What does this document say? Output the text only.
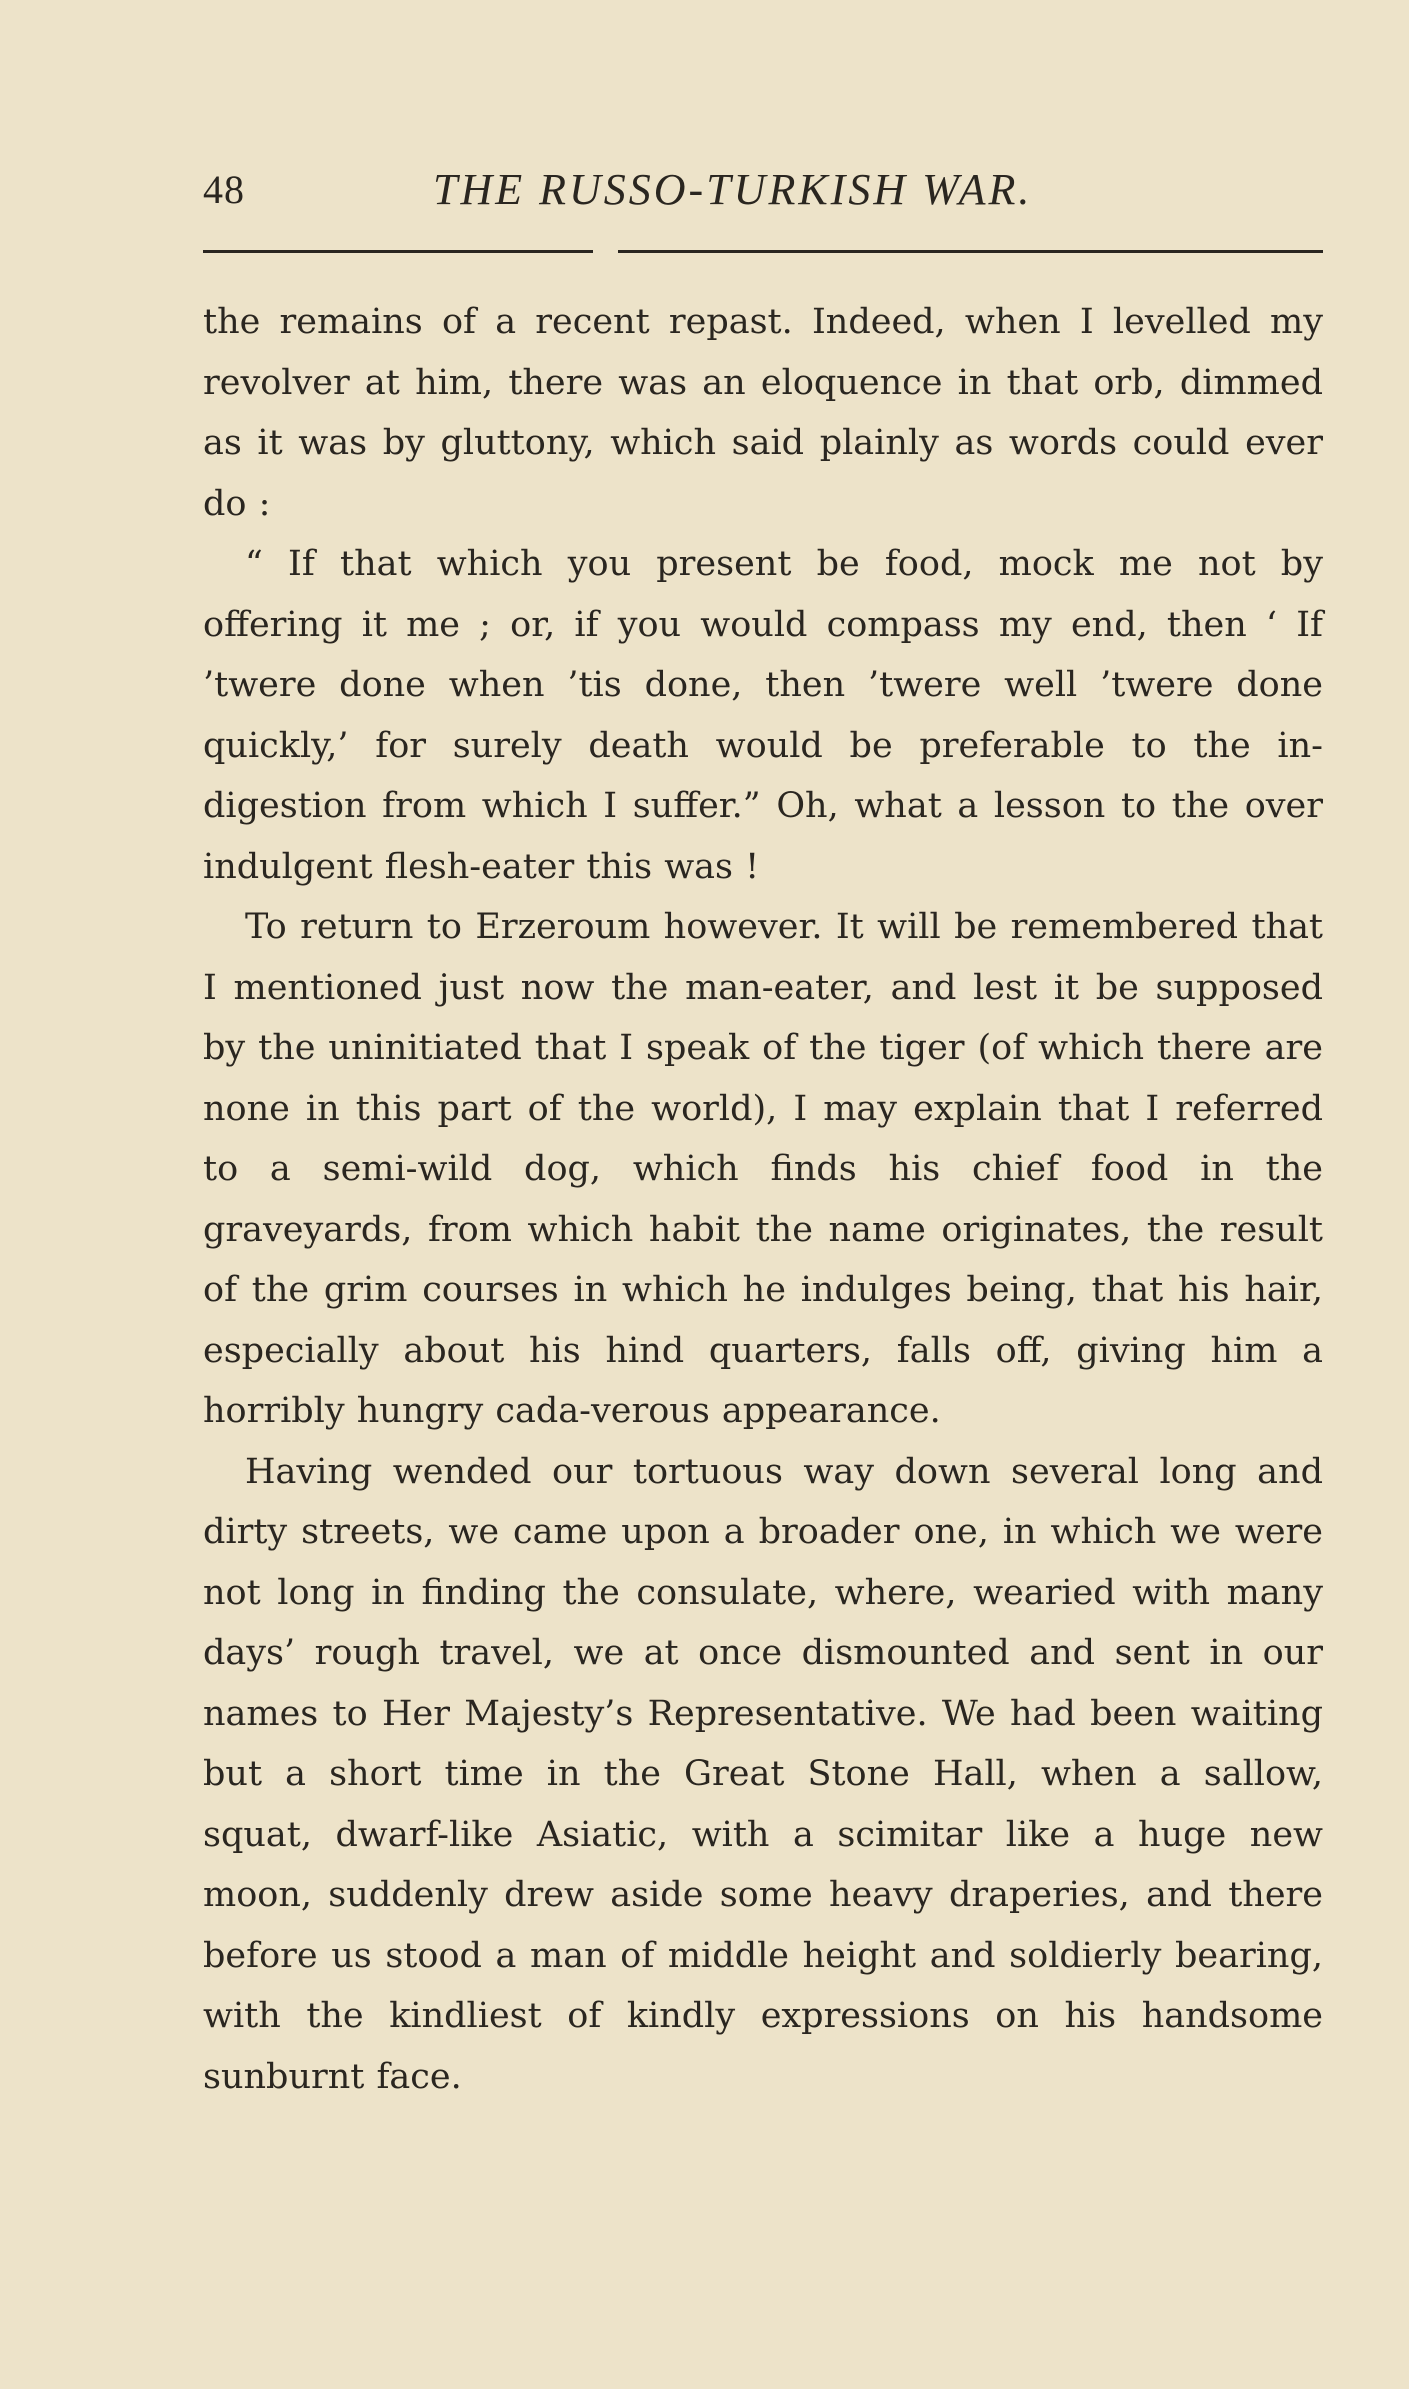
48	THE RUSSO-TURKISH WAR.

the remains of a recent repast. Indeed, when I levelled my revolver at him, there was an eloquence in that orb, dimmed as it was by gluttony, which said plainly as words could ever do :

“ If that which you present be food, mock me not by offering it me ; or, if you would compass my end, then ‘ If ’twere done when ’tis done, then ’twere well ’twere done quickly,’ for surely death would be preferable to the in-digestion from which I suffer.” Oh, what a lesson to the over indulgent flesh-eater this was !

To return to Erzeroum however. It will be remembered that I mentioned just now the man-eater, and lest it be supposed by the uninitiated that I speak of the tiger (of which there are none in this part of the world), I may explain that I referred to a semi-wild dog, which finds his chief food in the graveyards, from which habit the name originates, the result of the grim courses in which he indulges being, that his hair, especially about his hind quarters, falls off, giving him a horribly hungry cada-verous appearance.

Having wended our tortuous way down several long and dirty streets, we came upon a broader one, in which we were not long in finding the consulate, where, wearied with many days’ rough travel, we at once dismounted and sent in our names to Her Majesty’s Representative. We had been waiting but a short time in the Great Stone Hall, when a sallow, squat, dwarf-like Asiatic, with a scimitar like a huge new moon, suddenly drew aside some heavy draperies, and there before us stood a man of middle height and soldierly bearing, with the kindliest of kindly expressions on his handsome sunburnt face.
